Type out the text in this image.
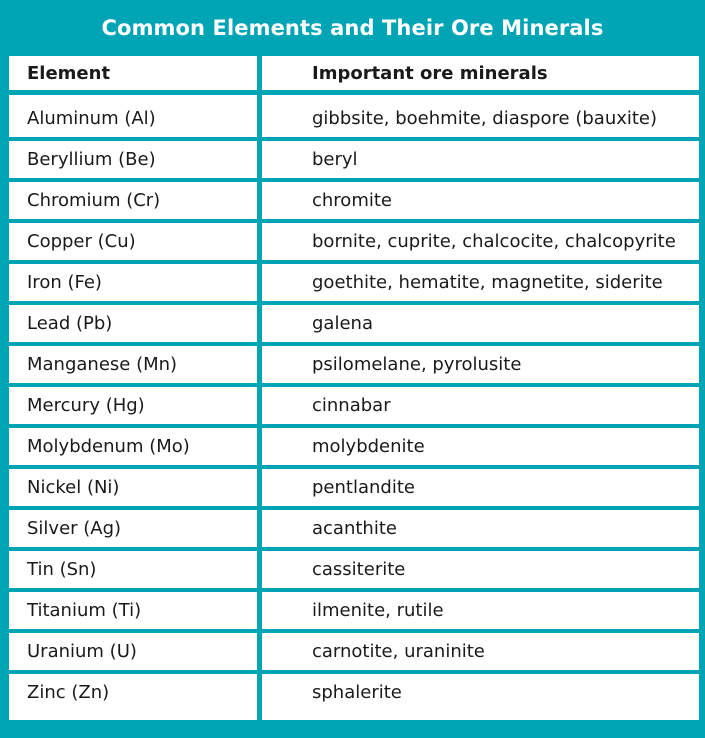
Common Elements and Their Ore Minerals
Element	Important ore minerals
Aluminum (Al)	gibbsite, boehmite, diaspore (bauxite)
Beryllium (Be)	beryl
Chromium (Cr)	chromite
Copper (Cu)	bornite, cuprite, chalcocite, chalcopyrite
Iron (Fe)	goethite, hematite, magnetite, siderite
Lead (Pb)	galena
Manganese (Mn)	psilomelane, pyrolusite
Mercury (Hg)	cinnabar
Molybdenum (Mo)	molybdenite
Nickel (Ni)	pentlandite
Silver (Ag)	acanthite
Tin (Sn)	cassiterite
Titanium (Ti)	ilmenite, rutile
Uranium (U)	carnotite, uraninite
Zinc (Zn)	sphalerite
